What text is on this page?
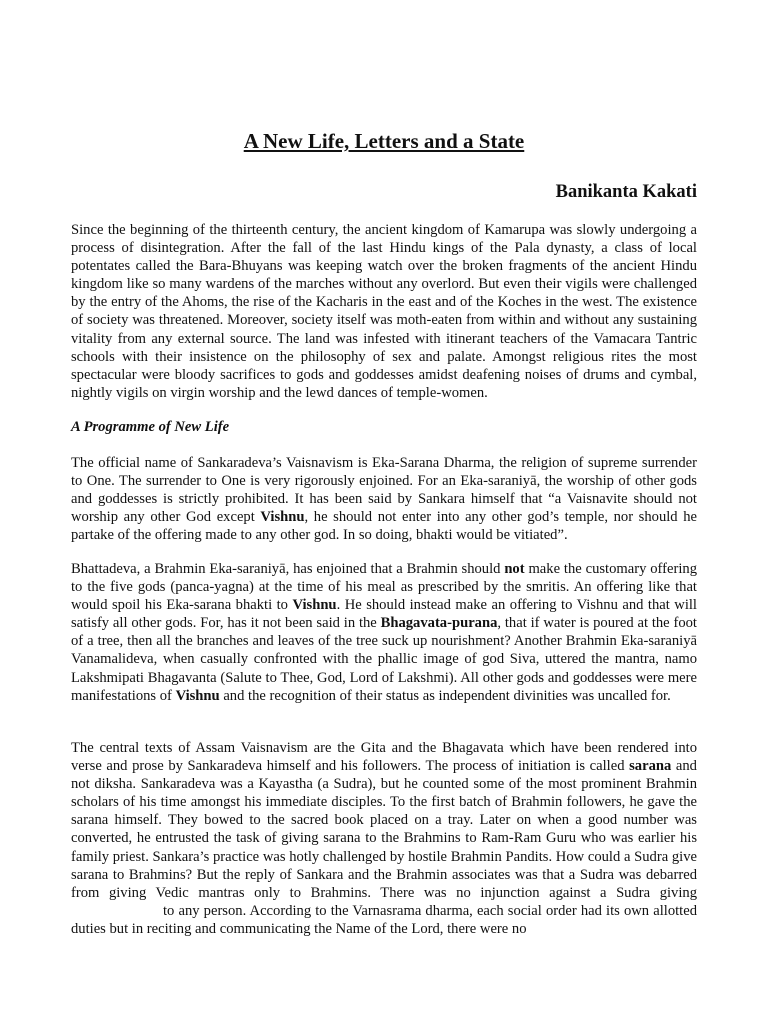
A New Life, Letters and a State

Banikanta Kakati

Since the beginning of the thirteenth century, the ancient kingdom of Kamarupa was slowly undergoing a process of disintegration. After the fall of the last Hindu kings of the Pala dynasty, a class of local potentates called the Bara-Bhuyans was keeping watch over the broken fragments of the ancient Hindu kingdom like so many wardens of the marches without any overlord. But even their vigils were challenged by the entry of the Ahoms, the rise of the Kacharis in the east and of the Koches in the west. The existence of society was threatened. Moreover, society itself was moth-eaten from within and without any sustaining vitality from any external source. The land was infested with itinerant teachers of the Vamacara Tantric schools with their insistence on the philosophy of sex and palate. Amongst religious rites the most spectacular were bloody sacrifices to gods and goddesses amidst deafening noises of drums and cymbal, nightly vigils on virgin worship and the lewd dances of temple-women.

A Programme of New Life

The official name of Sankaradeva’s Vaisnavism is Eka-Sarana Dharma, the religion of supreme surrender to One. The surrender to One is very rigorously enjoined. For an Eka-saraniyā, the worship of other gods and goddesses is strictly prohibited. It has been said by Sankara himself that “a Vaisnavite should not worship any other God except Vishnu, he should not enter into any other god’s temple, nor should he partake of the offering made to any other god. In so doing, bhakti would be vitiated”.

Bhattadeva, a Brahmin Eka-saraniyā, has enjoined that a Brahmin should not make the customary offering to the five gods (panca-yagna) at the time of his meal as prescribed by the smritis. An offering like that would spoil his Eka-sarana bhakti to Vishnu. He should instead make an offering to Vishnu and that will satisfy all other gods. For, has it not been said in the Bhagavata-purana, that if water is poured at the foot of a tree, then all the branches and leaves of the tree suck up nourishment? Another Brahmin Eka-saraniyā Vanamalideva, when casually confronted with the phallic image of god Siva, uttered the mantra, namo Lakshmipati Bhagavanta (Salute to Thee, God, Lord of Lakshmi). All other gods and goddesses were mere manifestations of Vishnu and the recognition of their status as independent divinities was uncalled for.

The central texts of Assam Vaisnavism are the Gita and the Bhagavata which have been rendered into verse and prose by Sankaradeva himself and his followers. The process of initiation is called sarana and not diksha. Sankaradeva was a Kayastha (a Sudra), but he counted some of the most prominent Brahmin scholars of his time amongst his immediate disciples. To the first batch of Brahmin followers, he gave the sarana himself. They bowed to the sacred book placed on a tray. Later on when a good number was converted, he entrusted the task of giving sarana to the Brahmins to Ram-Ram Guru who was earlier his family priest. Sankara’s practice was hotly challenged by hostile Brahmin Pandits. How could a Sudra give sarana to Brahmins? But the reply of Sankara and the Brahmin associates was that a Sudra was debarred from giving Vedic mantras only to Brahmins. There was no injunction against a Sudra givingto any person. According to the Varnasrama dharma, each social order had its own allotted duties but in reciting and communicating the Name of the Lord, there were no
